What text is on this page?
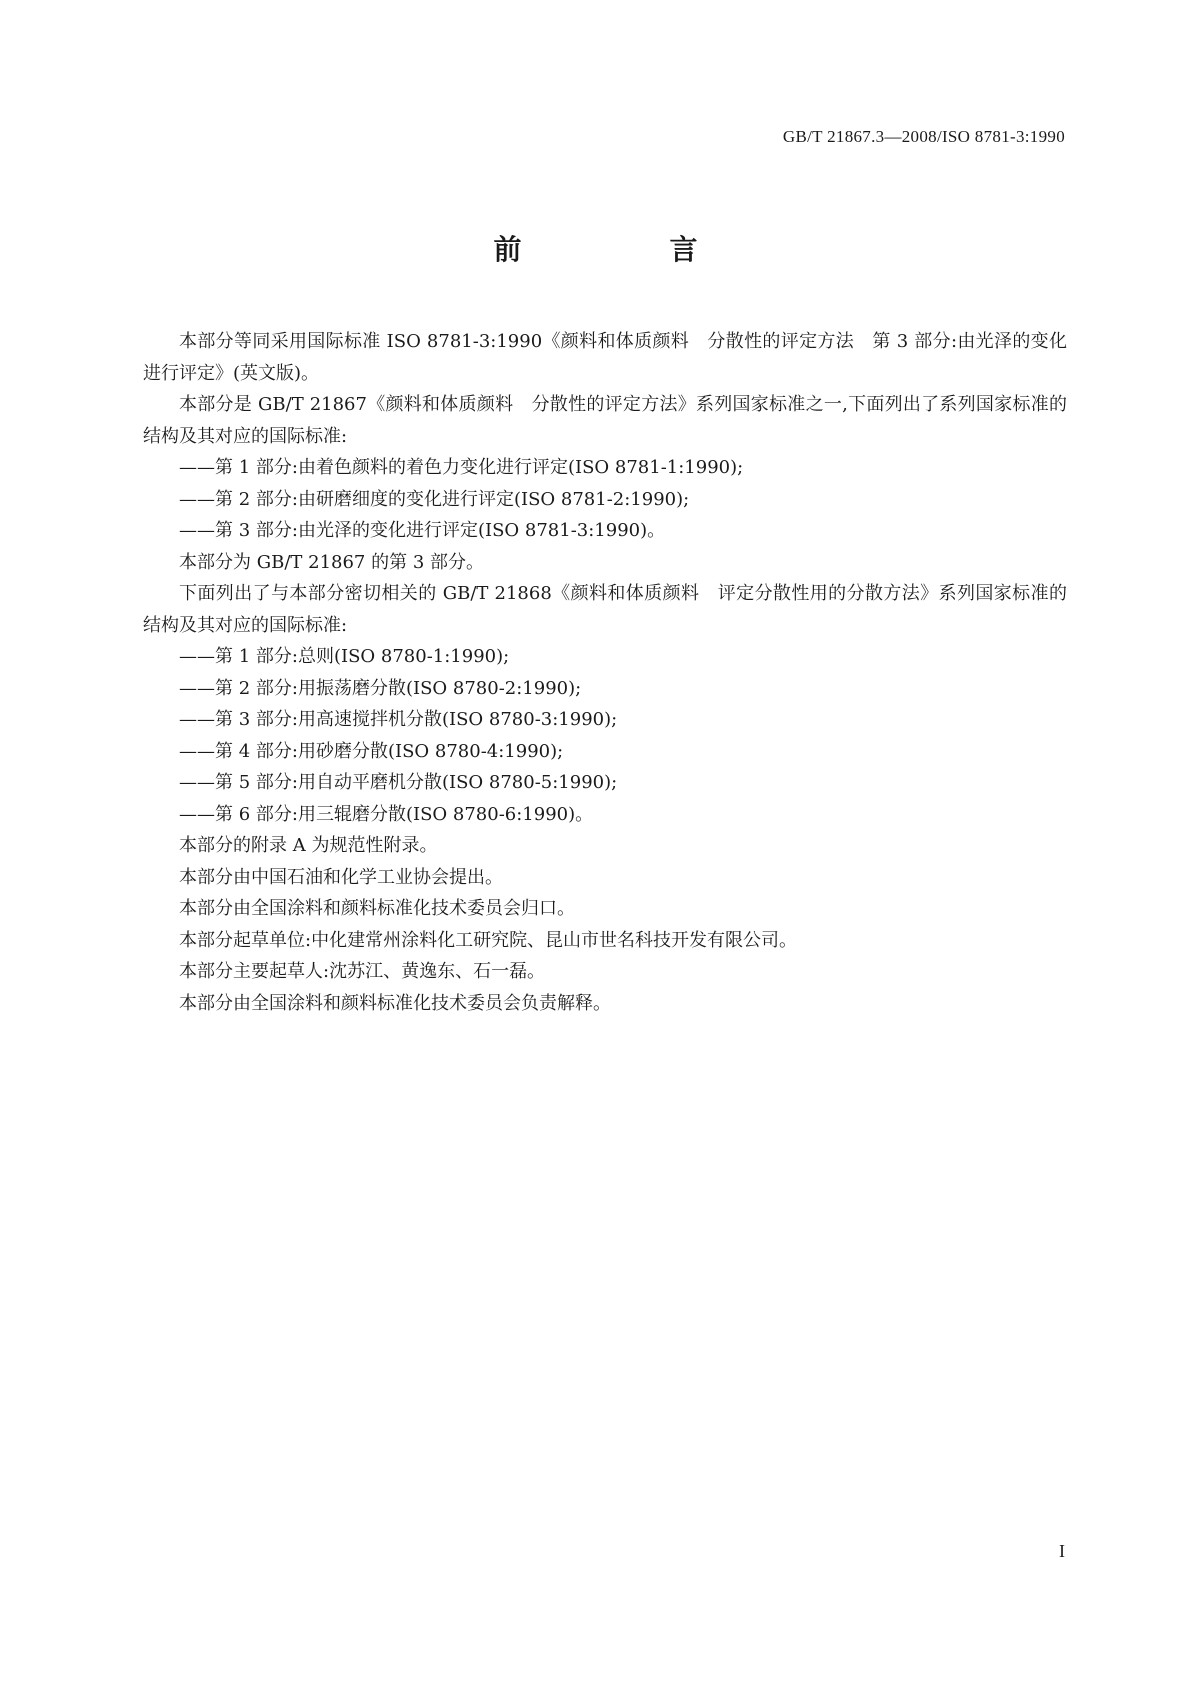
GB/T 21867.3—2008/ISO 8781-3:1990
前　言

本部分等同采用国际标准 ISO 8781-3:1990《颜料和体质颜料　分散性的评定方法　第 3 部分:由光泽的变化进行评定》(英文版)。

本部分是 GB/T 21867《颜料和体质颜料　分散性的评定方法》系列国家标准之一,下面列出了系列国家标准的结构及其对应的国际标准:

——第 1 部分:由着色颜料的着色力变化进行评定(ISO 8781-1:1990);

——第 2 部分:由研磨细度的变化进行评定(ISO 8781-2:1990);

——第 3 部分:由光泽的变化进行评定(ISO 8781-3:1990)。

本部分为 GB/T 21867 的第 3 部分。

下面列出了与本部分密切相关的 GB/T 21868《颜料和体质颜料　评定分散性用的分散方法》系列国家标准的结构及其对应的国际标准:

——第 1 部分:总则(ISO 8780-1:1990);

——第 2 部分:用振荡磨分散(ISO 8780-2:1990);

——第 3 部分:用高速搅拌机分散(ISO 8780-3:1990);

——第 4 部分:用砂磨分散(ISO 8780-4:1990);

——第 5 部分:用自动平磨机分散(ISO 8780-5:1990);

——第 6 部分:用三辊磨分散(ISO 8780-6:1990)。

本部分的附录 A 为规范性附录。

本部分由中国石油和化学工业协会提出。

本部分由全国涂料和颜料标准化技术委员会归口。

本部分起草单位:中化建常州涂料化工研究院、昆山市世名科技开发有限公司。

本部分主要起草人:沈苏江、黄逸东、石一磊。

本部分由全国涂料和颜料标准化技术委员会负责解释。

I
